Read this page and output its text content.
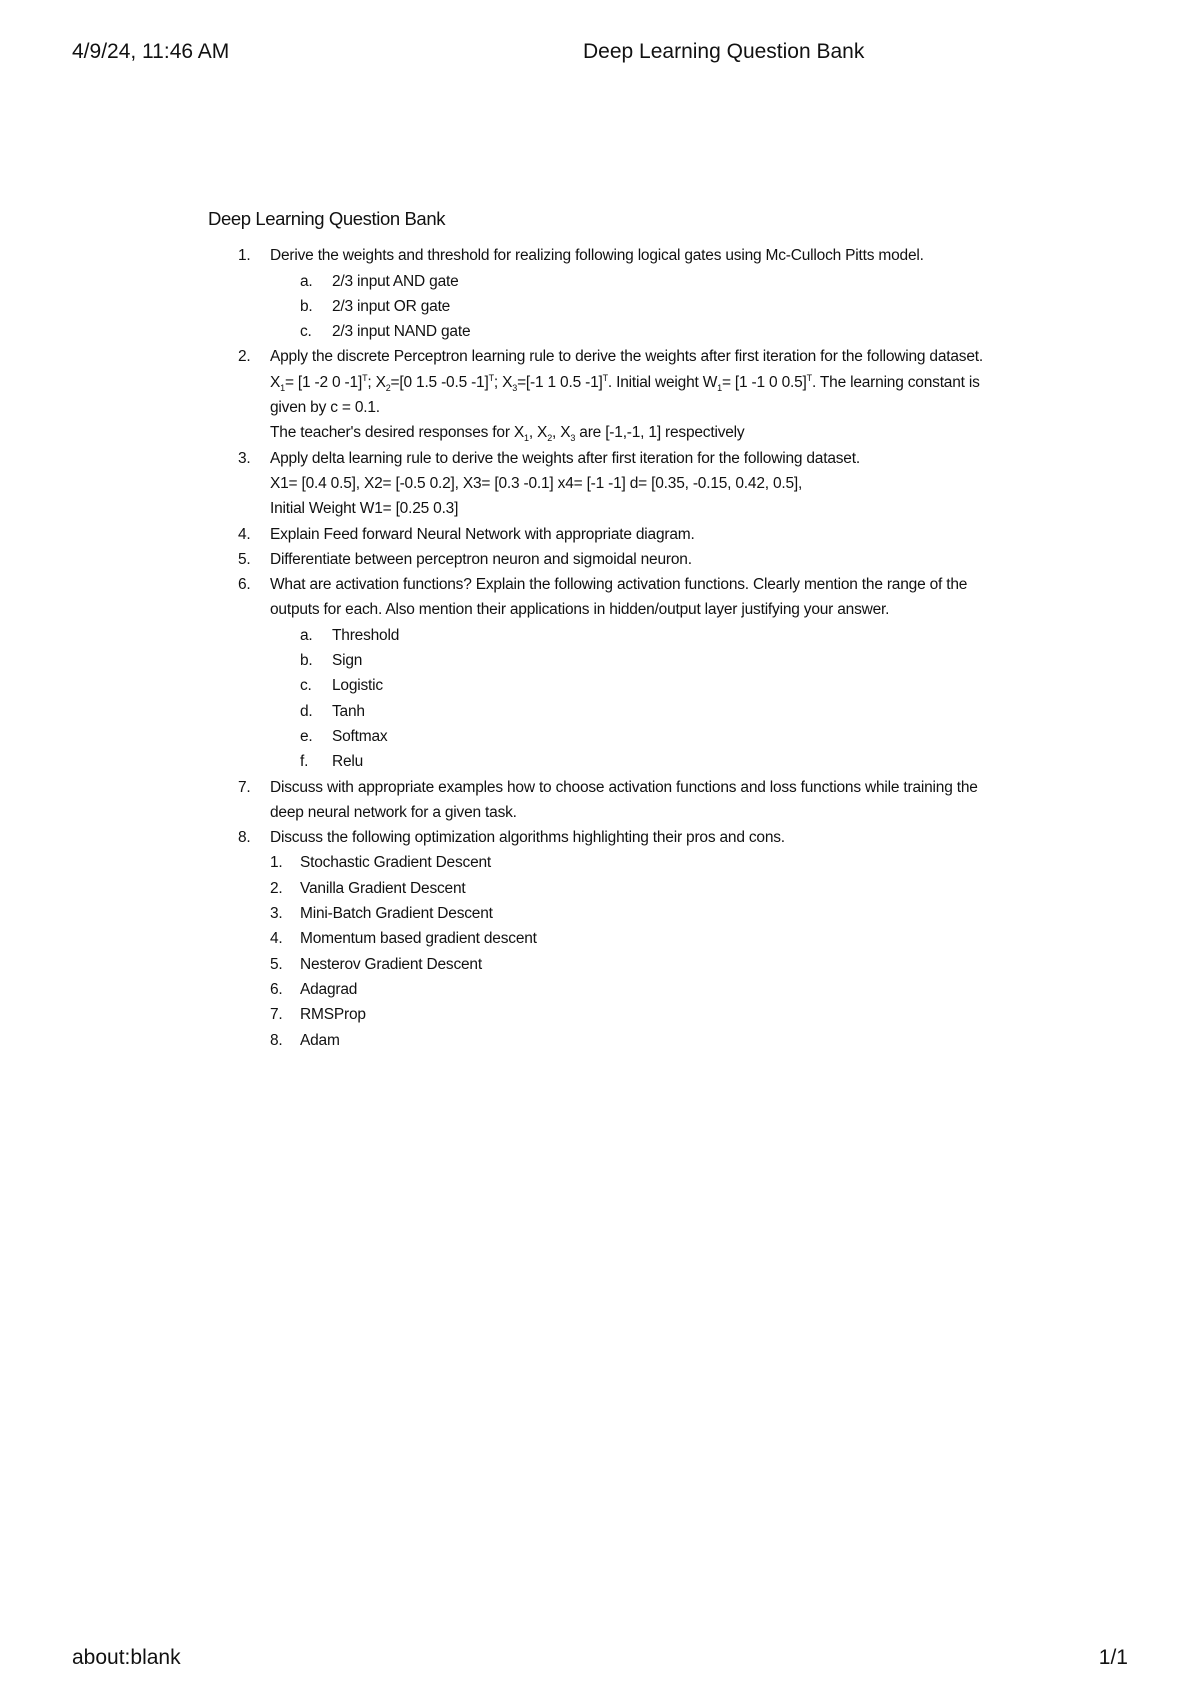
4/9/24, 11:46 AM	Deep Learning Question Bank
Deep Learning Question Bank
1. Derive the weights and threshold for realizing following logical gates using Mc-Culloch Pitts model.
a. 2/3 input AND gate
b. 2/3 input OR gate
c. 2/3 input NAND gate
2. Apply the discrete Perceptron learning rule to derive the weights after first iteration for the following dataset.
$X_1= [1$ -2 0 -1]$^T$; $X_2=[0$ 1.5 -0.5 -1]$^T$; $X_3=[-1$ 1 0.5 -1]$^T$. Initial weight $W_1= [1$ -1 0 0.5]$^T$. The learning constant is given by c = 0.1.
The teacher's desired responses for $X_1$, $X_2$, $X_3$ are [-1,-1, 1] respectively
3. Apply delta learning rule to derive the weights after first iteration for the following dataset.
X1= [0.4 0.5], X2= [-0.5 0.2], X3= [0.3 -0.1] x4= [-1 -1] d= [0.35, -0.15, 0.42, 0.5],
Initial Weight W1= [0.25 0.3]
4. Explain Feed forward Neural Network with appropriate diagram.
5. Differentiate between perceptron neuron and sigmoidal neuron.
6. What are activation functions? Explain the following activation functions. Clearly mention the range of the outputs for each. Also mention their applications in hidden/output layer justifying your answer.
a. Threshold
b. Sign
c. Logistic
d. Tanh
e. Softmax
f. Relu
7. Discuss with appropriate examples how to choose activation functions and loss functions while training the deep neural network for a given task.
8. Discuss the following optimization algorithms highlighting their pros and cons.
1. Stochastic Gradient Descent
2. Vanilla Gradient Descent
3. Mini-Batch Gradient Descent
4. Momentum based gradient descent
5. Nesterov Gradient Descent
6. Adagrad
7. RMSProp
8. Adam
about:blank	1/1
